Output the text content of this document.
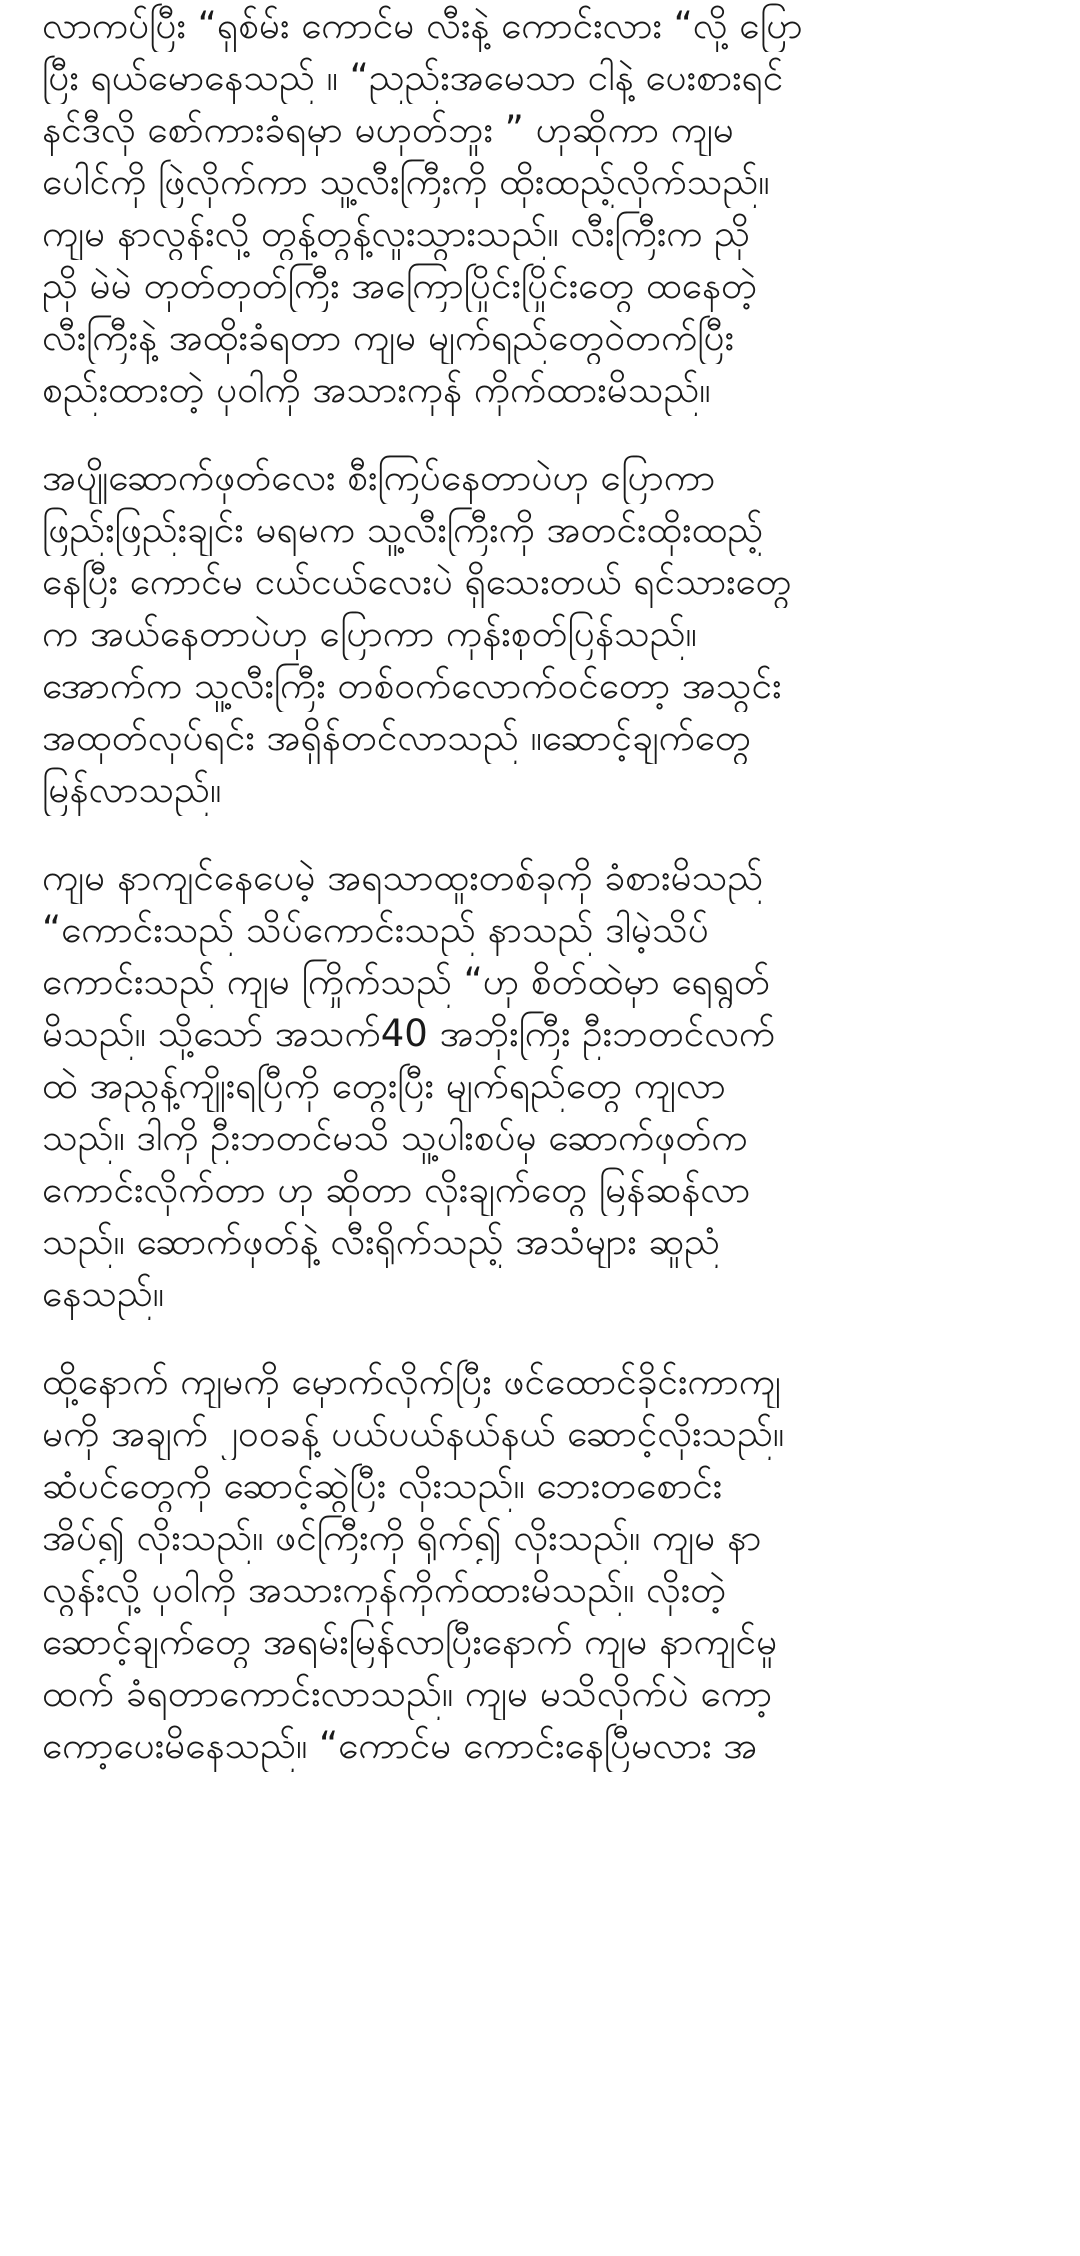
လာကပ်ပြီး “ရှစ်မ်း ကောင်မ လီးနဲ့ ကောင်းလား “လို့ ပြော
ပြီး ရယ်မောနေသည် ။ “ညည်းအမေသာ ငါနဲ့ ပေးစားရင်
နင်ဒီလို စော်ကားခံရမှာ မဟုတ်ဘူး ” ဟုဆိုကာ ကျမ
ပေါင်ကို ဖြဲလိုက်ကာ သူ့လီးကြီးကို ထိုးထည့်လိုက်သည်။
ကျမ နာလွန်းလို့ တွန့်တွန့်လူးသွားသည်။ လီးကြီးက ညို
ညို မဲမဲ တုတ်တုတ်ကြီး အကြောပြိုင်းပြိုင်းတွေ ထနေတဲ့
လီးကြီးနဲ့ အထိုးခံရတာ ကျမ မျက်ရည်တွေဝဲတက်ပြီး
စည်းထားတဲ့ ပုဝါကို အသားကုန် ကိုက်ထားမိသည်။
အပျိုဆောက်ဖုတ်လေး စီးကြပ်နေတာပဲဟု ပြောကာ
ဖြည်းဖြည်းချင်း မရမက သူ့လီးကြီးကို အတင်းထိုးထည့်
နေပြီး ကောင်မ ငယ်ငယ်လေးပဲ ရှိသေးတယ် ရင်သားတွေ
က အယ်နေတာပဲဟု ပြောကာ ကုန်းစုတ်ပြန်သည်။
အောက်က သူ့လီးကြီး တစ်ဝက်လောက်ဝင်တော့ အသွင်း
အထုတ်လုပ်ရင်း အရှိန်တင်လာသည် ။ဆောင့်ချက်တွေ
မြန်လာသည်။
ကျမ နာကျင်နေပေမဲ့ အရသာထူးတစ်ခုကို ခံစားမိသည်
“ကောင်းသည် သိပ်ကောင်းသည် နာသည် ဒါမဲ့သိပ်
ကောင်းသည် ကျမ ကြိုက်သည် “ဟု စိတ်ထဲမှာ ရေရွတ်
မိသည်။ သို့သော် အသက်40 အဘိုးကြီး ဦးဘတင်လက်
ထဲ အညွန့်ကျိုးရပြီကို တွေးပြီး မျက်ရည်တွေ ကျလာ
သည်။ ဒါကို ဦးဘတင်မသိ သူ့ပါးစပ်မှ ဆောက်ဖုတ်က
ကောင်းလိုက်တာ ဟု ဆိုတာ လိုးချက်တွေ မြန်ဆန်လာ
သည်။ ဆောက်ဖုတ်နဲ့ လီးရိုက်သည့် အသံများ ဆူညံ
နေသည်။
ထို့နောက် ကျမကို မှောက်လိုက်ပြီး ဖင်ထောင်ခိုင်းကာကျ
မကို အချက် ၂၀၀ခန့် ပယ်ပယ်နယ်နယ် ဆောင့်လိုးသည်။
ဆံပင်တွေကို ဆောင့်ဆွဲပြီး လိုးသည်။ ဘေးတစောင်း
အိပ်၍ လိုးသည်။ ဖင်ကြီးကို ရိုက်၍ လိုးသည်။ ကျမ နာ
လွန်းလို့ ပုဝါကို အသားကုန်ကိုက်ထားမိသည်။ လိုးတဲ့
ဆောင့်ချက်တွေ အရမ်းမြန်လာပြီးနောက် ကျမ နာကျင်မှု
ထက် ခံရတာကောင်းလာသည်။ ကျမ မသိလိုက်ပဲ ကော့
ကော့ပေးမိနေသည်။ “ကောင်မ ကောင်းနေပြီမလား အ
